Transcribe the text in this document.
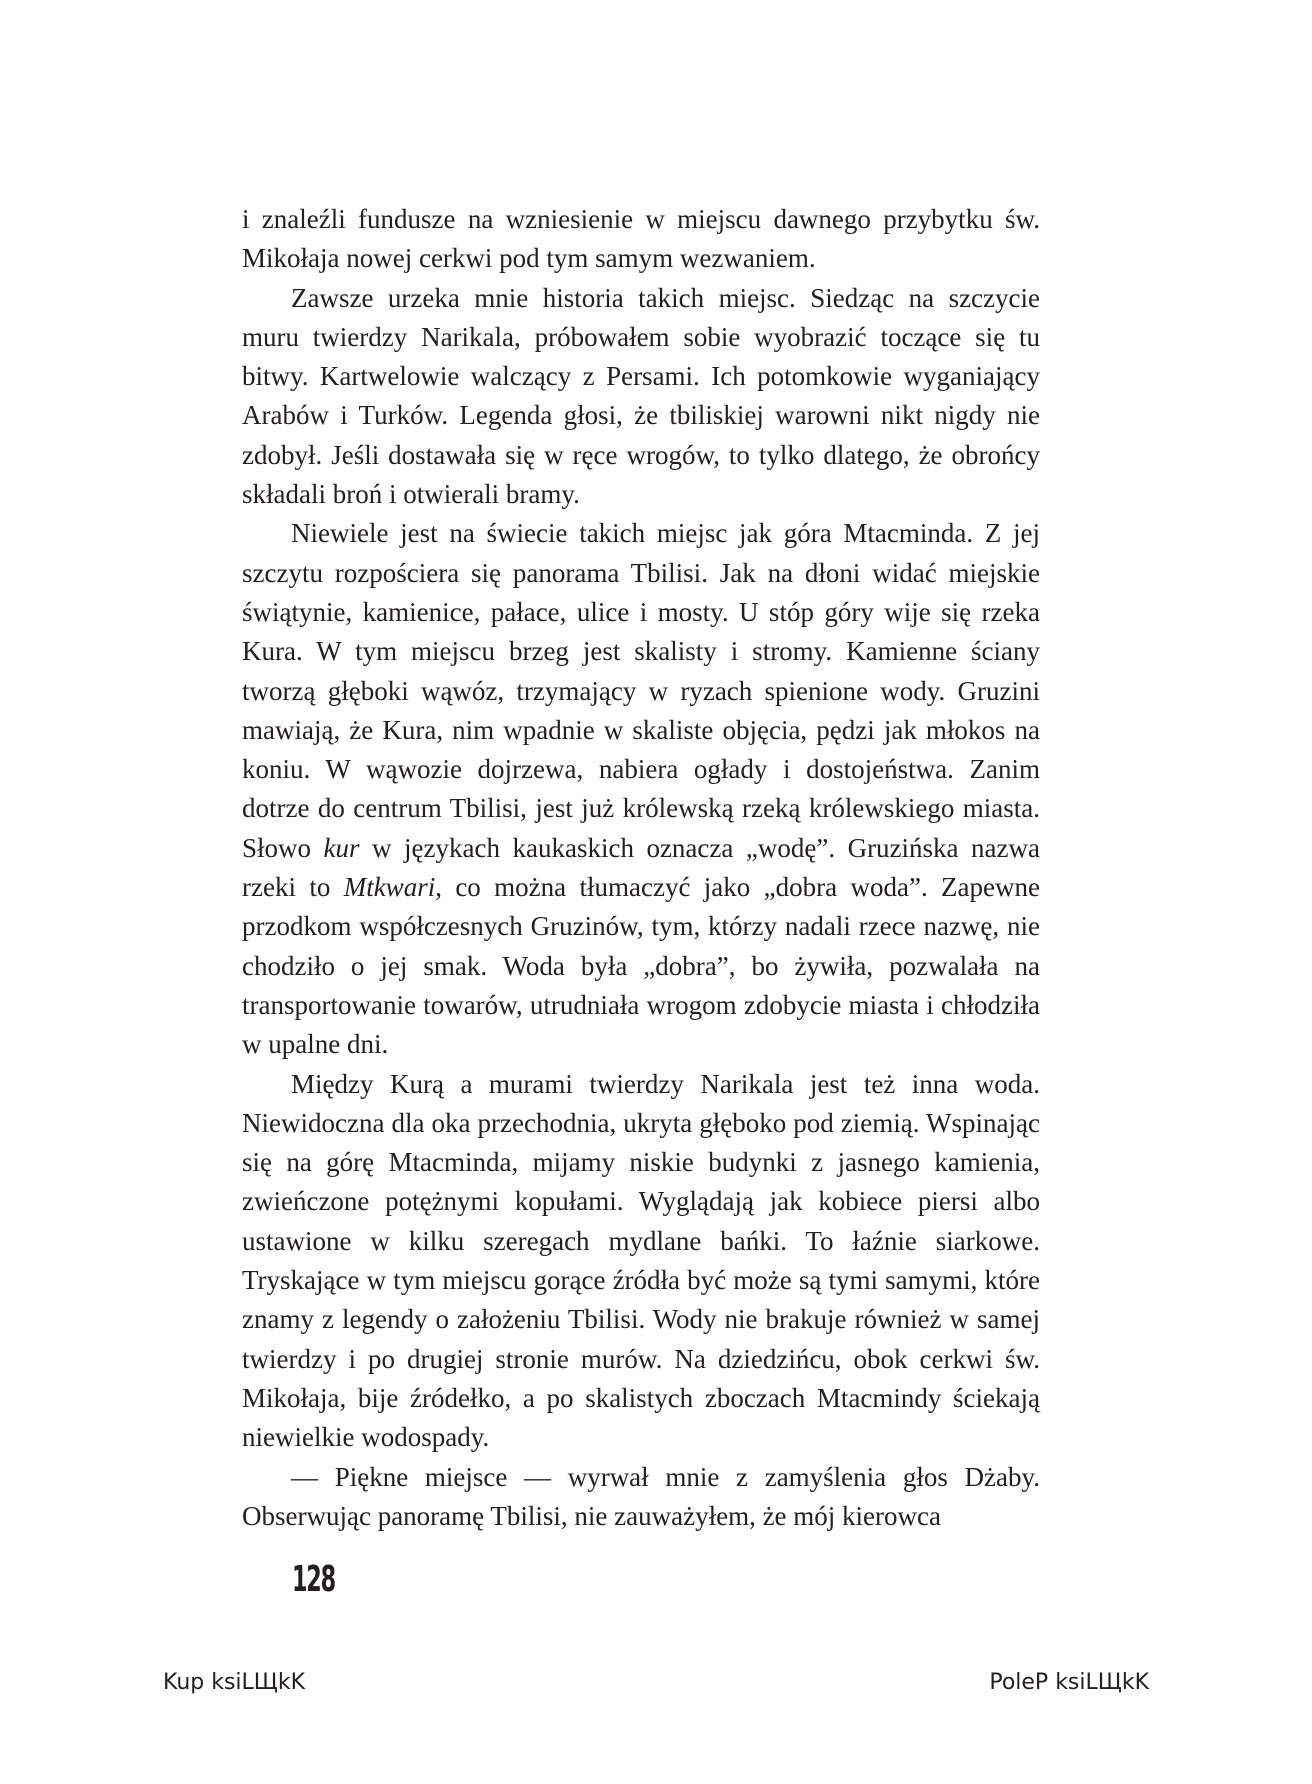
i znaleźli fundusze na wzniesienie w miejscu dawnego przybytku św. Mikołaja nowej cerkwi pod tym samym wezwaniem.

Zawsze urzeka mnie historia takich miejsc. Siedząc na szczycie muru twierdzy Narikala, próbowałem sobie wyobrazić toczące się tu bitwy. Kartwelowie walczący z Persami. Ich potomkowie wyganiający Arabów i Turków. Legenda głosi, że tbiliskiej warowni nikt nigdy nie zdobył. Jeśli dostawała się w ręce wrogów, to tylko dlatego, że obrońcy składali broń i otwierali bramy.

Niewiele jest na świecie takich miejsc jak góra Mtacminda. Z jej szczytu rozpościera się panorama Tbilisi. Jak na dłoni widać miejskie świątynie, kamienice, pałace, ulice i mosty. U stóp góry wije się rzeka Kura. W tym miejscu brzeg jest skalisty i stromy. Kamienne ściany tworzą głęboki wąwóz, trzymający w ryzach spienione wody. Gruzini mawiają, że Kura, nim wpadnie w skaliste objęcia, pędzi jak młokos na koniu. W wąwozie dojrzewa, nabiera ogłady i dostojeństwa. Zanim dotrze do centrum Tbilisi, jest już królewską rzeką królewskiego miasta. Słowo kur w językach kaukaskich oznacza „wodę”. Gruzińska nazwa rzeki to Mtkwari, co można tłumaczyć jako „dobra woda”. Zapewne przodkom współczesnych Gruzinów, tym, którzy nadali rzece nazwę, nie chodziło o jej smak. Woda była „dobra”, bo żywiła, pozwalała na transportowanie towarów, utrudniała wrogom zdobycie miasta i chłodziła w upalne dni.

Między Kurą a murami twierdzy Narikala jest też inna woda. Niewidoczna dla oka przechodnia, ukryta głęboko pod ziemią. Wspinając się na górę Mtacminda, mijamy niskie budynki z jasnego kamienia, zwieńczone potężnymi kopułami. Wyglądają jak kobiece piersi albo ustawione w kilku szeregach mydlane bańki. To łaźnie siarkowe. Tryskające w tym miejscu gorące źródła być może są tymi samymi, które znamy z legendy o założeniu Tbilisi. Wody nie brakuje również w samej twierdzy i po drugiej stronie murów. Na dziedzińcu, obok cerkwi św. Mikołaja, bije źródełko, a po skalistych zboczach Mtacmindy ściekają niewielkie wodospady.

— Piękne miejsce — wyrwał mnie z zamyślenia głos Dżaby. Obserwując panoramę Tbilisi, nie zauważyłem, że mój kierowca

128
Kup ksiLЩkK	PoleP ksiLЩkK
